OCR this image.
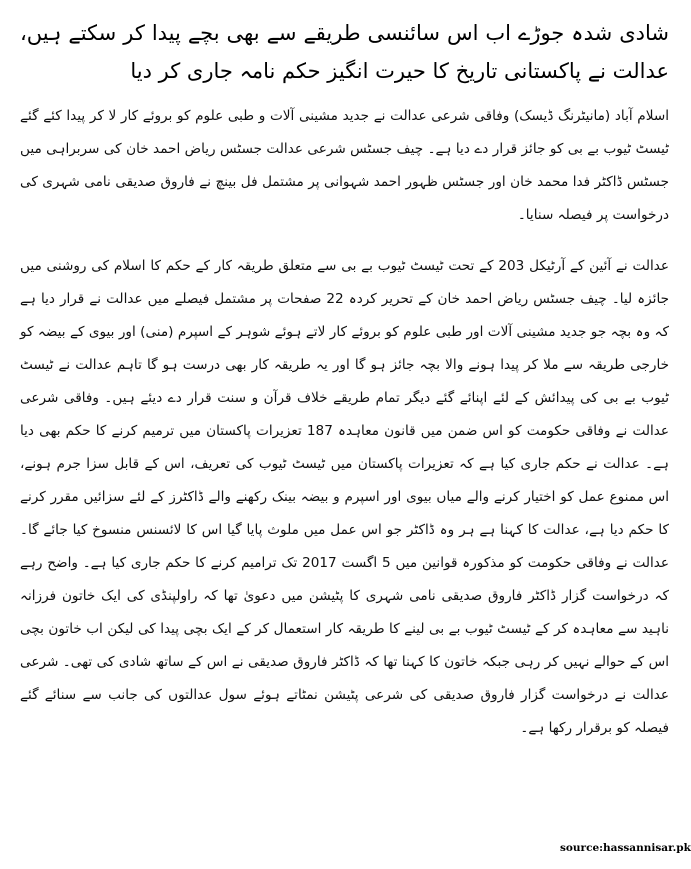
شادی شدہ جوڑے اب اس سائنسی طریقے سے بھی بچے پیدا کر سکتے ہیں، عدالت نے پاکستانی تاریخ کا حیرت انگیز حکم نامہ جاری کر دیا

اسلام آباد (مانیٹرنگ ڈیسک) وفاقی شرعی عدالت نے جدید مشینی آلات و طبی علوم کو بروئے کار لا کر پیدا کئے گئے ٹیسٹ ٹیوب بے بی کو جائز قرار دے دیا ہے۔ چیف جسٹس شرعی عدالت جسٹس ریاض احمد خان کی سربراہی میں جسٹس ڈاکٹر فدا محمد خان اور جسٹس ظہور احمد شہوانی پر مشتمل فل بینچ نے فاروق صدیقی نامی شہری کی درخواست پر فیصلہ سنایا۔

عدالت نے آئین کے آرٹیکل 203 کے تحت ٹیسٹ ٹیوب بے بی سے متعلق طریقہ کار کے حکم کا اسلام کی روشنی میں جائزہ لیا۔ چیف جسٹس ریاض احمد خان کے تحریر کردہ 22 صفحات پر مشتمل فیصلے میں عدالت نے قرار دیا ہے کہ وہ بچہ جو جدید مشینی آلات اور طبی علوم کو بروئے کار لاتے ہوئے شوہر کے اسپرم (منی) اور بیوی کے بیضہ کو خارجی طریقہ سے ملا کر پیدا ہونے والا بچہ جائز ہو گا اور یہ طریقہ کار بھی درست ہو گا تاہم عدالت نے ٹیسٹ ٹیوب بے بی کی پیدائش کے لئے اپنائے گئے دیگر تمام طریقے خلاف قرآن و سنت قرار دے دیئے ہیں۔ وفاقی شرعی عدالت نے وفاقی حکومت کو اس ضمن میں قانون معاہدہ 187 تعزیرات پاکستان میں ترمیم کرنے کا حکم بھی دیا ہے۔ عدالت نے حکم جاری کیا ہے کہ تعزیرات پاکستان میں ٹیسٹ ٹیوب کی تعریف، اس کے قابل سزا جرم ہونے، اس ممنوع عمل کو اختیار کرنے والے میاں بیوی اور اسپرم و بیضہ بینک رکھنے والے ڈاکٹرز کے لئے سزائیں مقرر کرنے کا حکم دیا ہے، عدالت کا کہنا ہے ہر وہ ڈاکٹر جو اس عمل میں ملوث پایا گیا اس کا لائسنس منسوخ کیا جائے گا۔ عدالت نے وفاقی حکومت کو مذکورہ قوانین میں 5 اگست 2017 تک ترامیم کرنے کا حکم جاری کیا ہے۔ واضح رہے کہ درخواست گزار ڈاکٹر فاروق صدیقی نامی شہری کا پٹیشن میں دعویٰ تھا کہ راولپنڈی کی ایک خاتون فرزانہ ناہید سے معاہدہ کر کے ٹیسٹ ٹیوب بے بی لینے کا طریقہ کار استعمال کر کے ایک بچی پیدا کی لیکن اب خاتون بچی اس کے حوالے نہیں کر رہی جبکہ خاتون کا کہنا تھا کہ ڈاکٹر فاروق صدیقی نے اس کے ساتھ شادی کی تھی۔ شرعی عدالت نے درخواست گزار فاروق صدیقی کی شرعی پٹیشن نمٹاتے ہوئے سول عدالتوں کی جانب سے سنائے گئے فیصلہ کو برقرار رکھا ہے۔

source:hassannisar.pk
